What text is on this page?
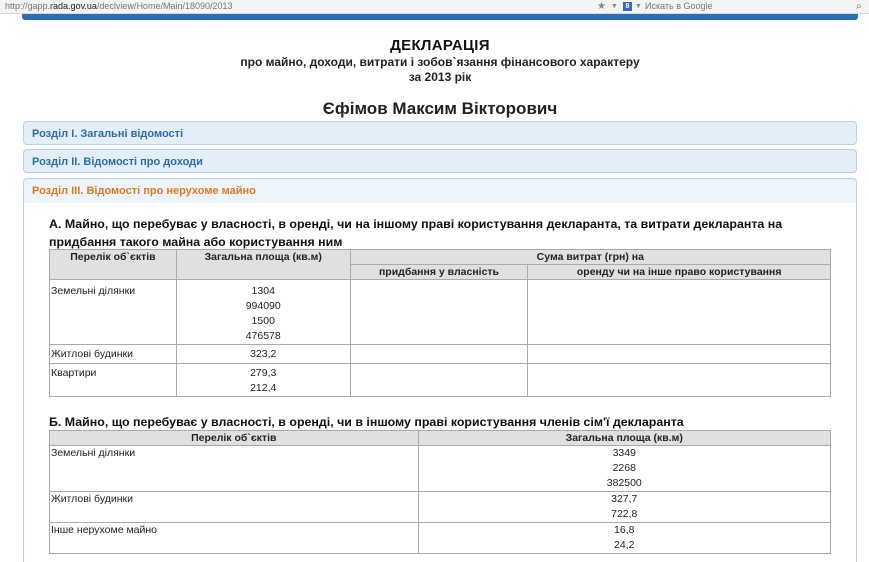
http://gapp.rada.gov.ua/declview/Home/Main/18090/2013	★ ▼	8 ▼ Искать в Google	⌕
ДЕКЛАРАЦІЯ
про майно, доходи, витрати і зобов`язання фінансового характеру
за 2013 рік
Єфімов Максим Вікторович
Розділ І. Загальні відомості
Розділ ІІ. Відомості про доходи
Розділ ІІІ. Відомості про нерухоме майно
А. Майно, що перебуває у власності, в оренді, чи на іншому праві користування декларанта, та витрати декларанта на придбання такого майна або користування ним
Перелік об`єктів	Загальна площа (кв.м)	Сума витрат (грн) на	
		придбання у власність	оренду чи на інше право користування
Земельні ділянки	1304
994090
1500
476578		

Житлові будинки	323,2		

Квартири	279,3
212,4		

Б. Майно, що перебуває у власності, в оренді, чи в іншому праві користування членів сім'ї декларанта
Перелік об`єктів	Загальна площа (кв.м)
Земельні ділянки	3349
2268
382500

Житлові будинки	327,7
722,8

Інше нерухоме майно	16,8
24,2
